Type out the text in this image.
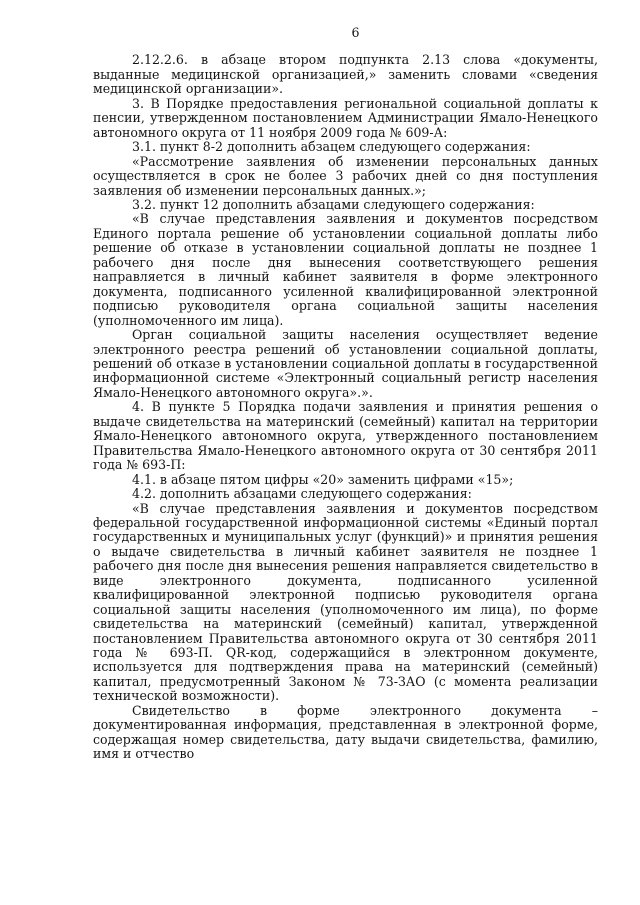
6

2.12.2.6. в абзаце втором подпункта 2.13 слова «документы, выданные медицинской организацией,» заменить словами «сведения медицинской организации».

3. В Порядке предоставления региональной социальной доплаты к пенсии, утвержденном постановлением Администрации Ямало-Ненецкого автономного округа от 11 ноября 2009 года № 609-А:

3.1. пункт 8-2 дополнить абзацем следующего содержания:

«Рассмотрение заявления об изменении персональных данных осуществляется в срок не более 3 рабочих дней со дня поступления заявления об изменении персональных данных.»;

3.2. пункт 12 дополнить абзацами следующего содержания:

«В случае представления заявления и документов посредством Единого портала решение об установлении социальной доплаты либо решение об отказе в установлении социальной доплаты не позднее 1 рабочего дня после дня вынесения соответствующего решения направляется в личный кабинет заявителя в форме электронного документа, подписанного усиленной квалифицированной электронной подписью руководителя органа социальной защиты населения (уполномоченного им лица).

Орган социальной защиты населения осуществляет ведение электронного реестра решений об установлении социальной доплаты, решений об отказе в установлении социальной доплаты в государственной информационной системе «Электронный социальный регистр населения Ямало-Ненецкого автономного округа».».

4. В пункте 5 Порядка подачи заявления и принятия решения о выдаче свидетельства на материнский (семейный) капитал на территории Ямало-Ненецкого автономного округа, утвержденного постановлением Правительства Ямало-Ненецкого автономного округа от 30 сентября 2011 года № 693-П:

4.1. в абзаце пятом цифры «20» заменить цифрами «15»;

4.2. дополнить абзацами следующего содержания:

«В случае представления заявления и документов посредством федеральной государственной информационной системы «Единый портал государственных и муниципальных услуг (функций)» и принятия решения о выдаче свидетельства в личный кабинет заявителя не позднее 1 рабочего дня после дня вынесения решения направляется свидетельство в виде электронного документа, подписанного усиленной квалифицированной электронной подписью руководителя органа социальной защиты населения (уполномоченного им лица), по форме свидетельства на материнский (семейный) капитал, утвержденной постановлением Правительства автономного округа от 30 сентября 2011 года № 693-П. QR-код, содержащийся в электронном документе, используется для подтверждения права на материнский (семейный) капитал, предусмотренный Законом № 73-ЗАО (с момента реализации технической возможности).

Свидетельство в форме электронного документа – документированная информация, представленная в электронной форме, содержащая номер свидетельства, дату выдачи свидетельства, фамилию, имя и отчество
